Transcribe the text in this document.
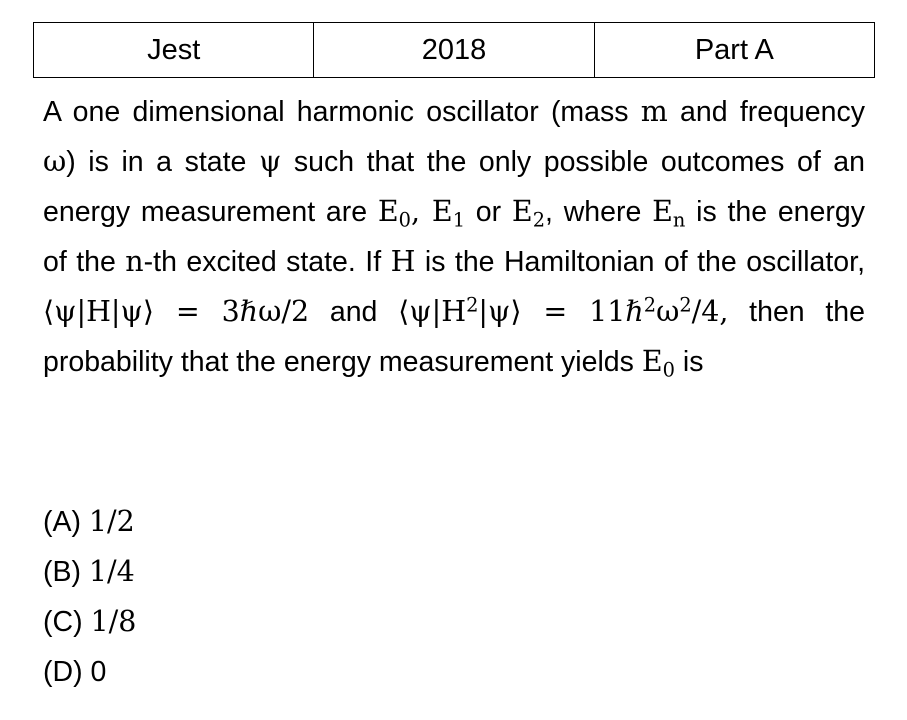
Jest	2018	Part A

A one dimensional harmonic oscillator (mass m and frequency ω) is in a state ψ such that the only possible outcomes of an energy measurement are $E_0$, $E_1$ or $E_2$, where $E_n$ is the energy of the n-th excited state. If H is the Hamiltonian of the oscillator, ⟨ψ|H|ψ⟩ = 3ℏω/2 and $⟨\psi|H^2|\psi⟩$ = $11\hbar^2\omega^2/4$, then the probability that the energy measurement yields $E_0$ is

(A) 1/2
(B) 1/4
(C) 1/8
(D) 0
